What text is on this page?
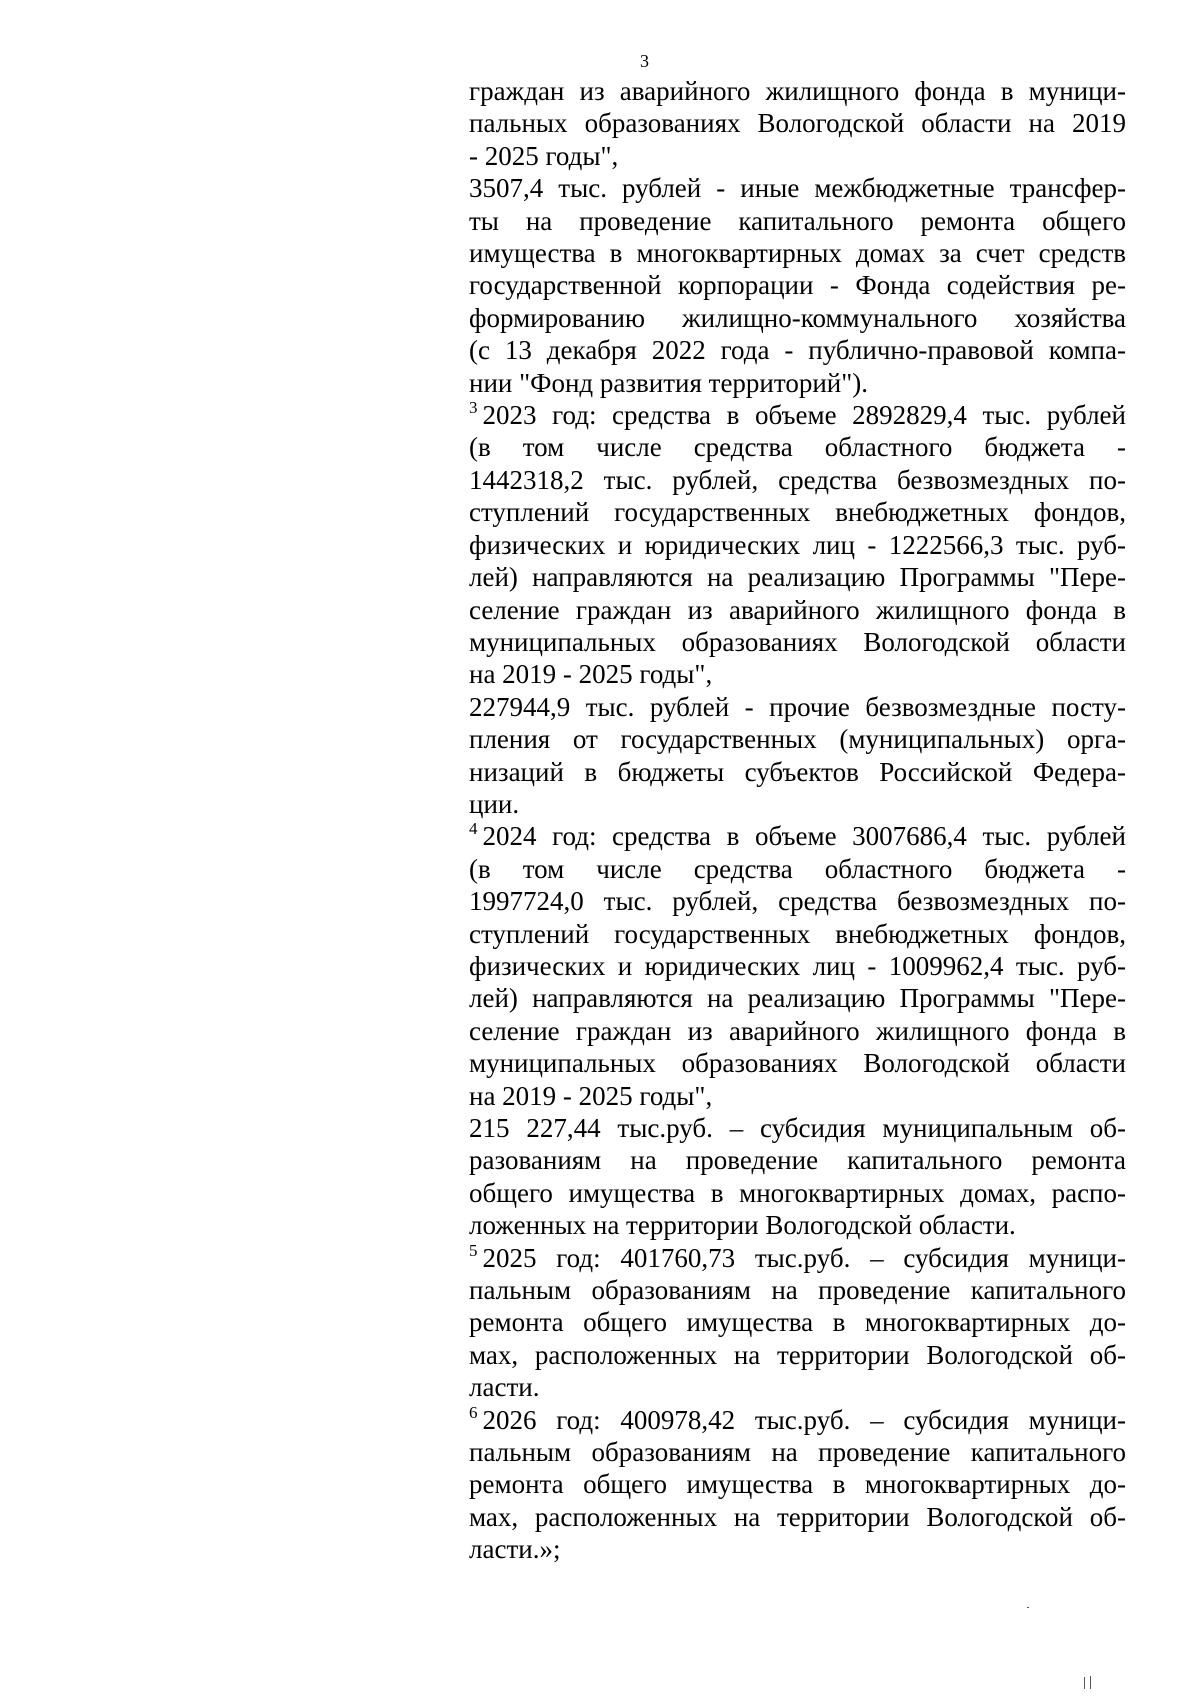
3
граждан из аварийного жилищного фонда в муници-
пальных образованиях Вологодской области на 2019
- 2025 годы",
3507,4 тыс. рублей - иные межбюджетные трансфер-
ты на проведение капитального ремонта общего
имущества в многоквартирных домах за счет средств
государственной корпорации - Фонда содействия ре-
формированию жилищно-коммунального хозяйства
(с 13 декабря 2022 года - публично-правовой компа-
нии "Фонд развития территорий").
$^3$ 2023 год: средства в объеме 2892829,4 тыс. рублей
(в том числе средства областного бюджета -
1442318,2 тыс. рублей, средства безвозмездных по-
ступлений государственных внебюджетных фондов,
физических и юридических лиц - 1222566,3 тыс. руб-
лей) направляются на реализацию Программы "Пере-
селение граждан из аварийного жилищного фонда в
муниципальных образованиях Вологодской области
на 2019 - 2025 годы",
227944,9 тыс. рублей - прочие безвозмездные посту-
пления от государственных (муниципальных) орга-
низаций в бюджеты субъектов Российской Федера-
ции.
$^4$ 2024 год: средства в объеме 3007686,4 тыс. рублей
(в том числе средства областного бюджета -
1997724,0 тыс. рублей, средства безвозмездных по-
ступлений государственных внебюджетных фондов,
физических и юридических лиц - 1009962,4 тыс. руб-
лей) направляются на реализацию Программы "Пере-
селение граждан из аварийного жилищного фонда в
муниципальных образованиях Вологодской области
на 2019 - 2025 годы",
215 227,44 тыс.руб. – субсидия муниципальным об-
разованиям на проведение капитального ремонта
общего имущества в многоквартирных домах, распо-
ложенных на территории Вологодской области.
$^5$ 2025 год: 401760,73 тыс.руб. – субсидия муници-
пальным образованиям на проведение капитального
ремонта общего имущества в многоквартирных до-
мах, расположенных на территории Вологодской об-
ласти.
$^6$ 2026 год: 400978,42 тыс.руб. – субсидия муници-
пальным образованиям на проведение капитального
ремонта общего имущества в многоквартирных до-
мах, расположенных на территории Вологодской об-
ласти.»;
